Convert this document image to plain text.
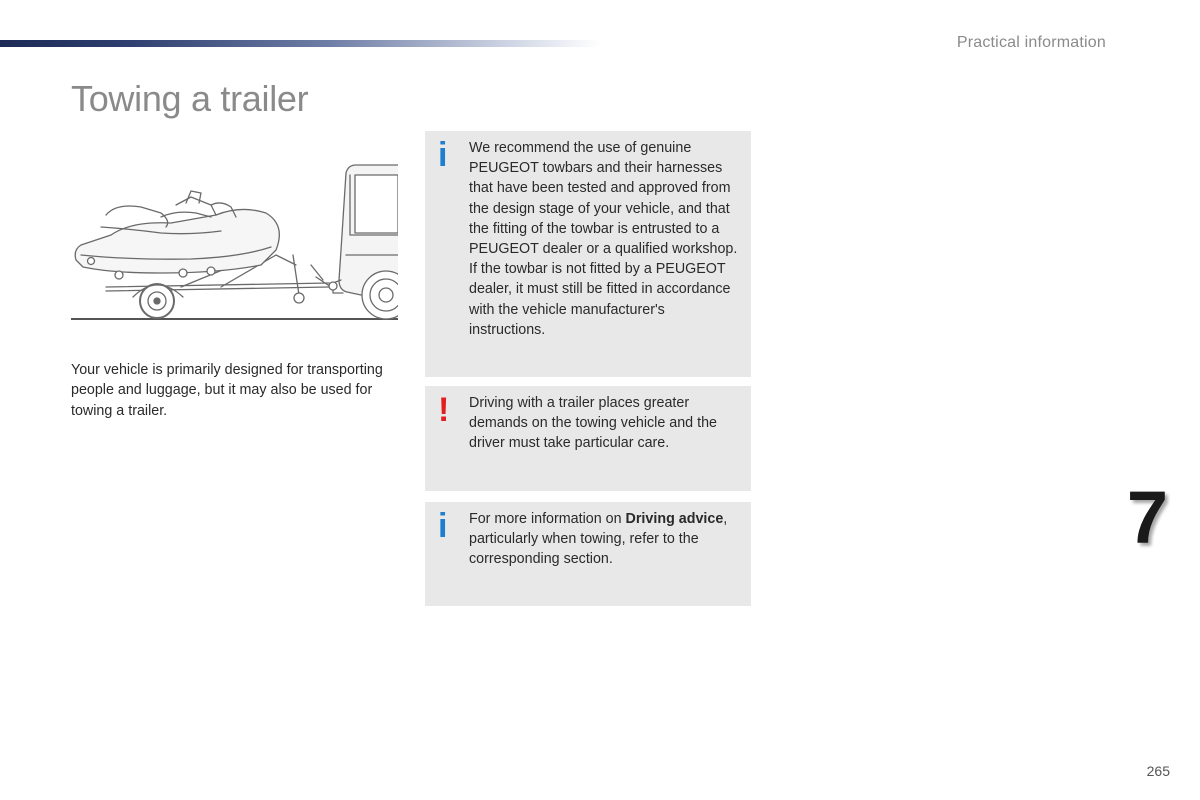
Practical information
Towing a trailer
Your vehicle is primarily designed for transporting people and luggage, but it may also be used for towing a trailer.
i We recommend the use of genuine PEUGEOT towbars and their harnesses that have been tested and approved from the design stage of your vehicle, and that the fitting of the towbar is entrusted to a PEUGEOT dealer or a qualified workshop.

If the towbar is not fitted by a PEUGEOT dealer, it must still be fitted in accordance with the vehicle manufacturer's instructions.

! Driving with a trailer places greater demands on the towing vehicle and the driver must take particular care.

i For more information on Driving advice, particularly when towing, refer to the corresponding section.

7
265
